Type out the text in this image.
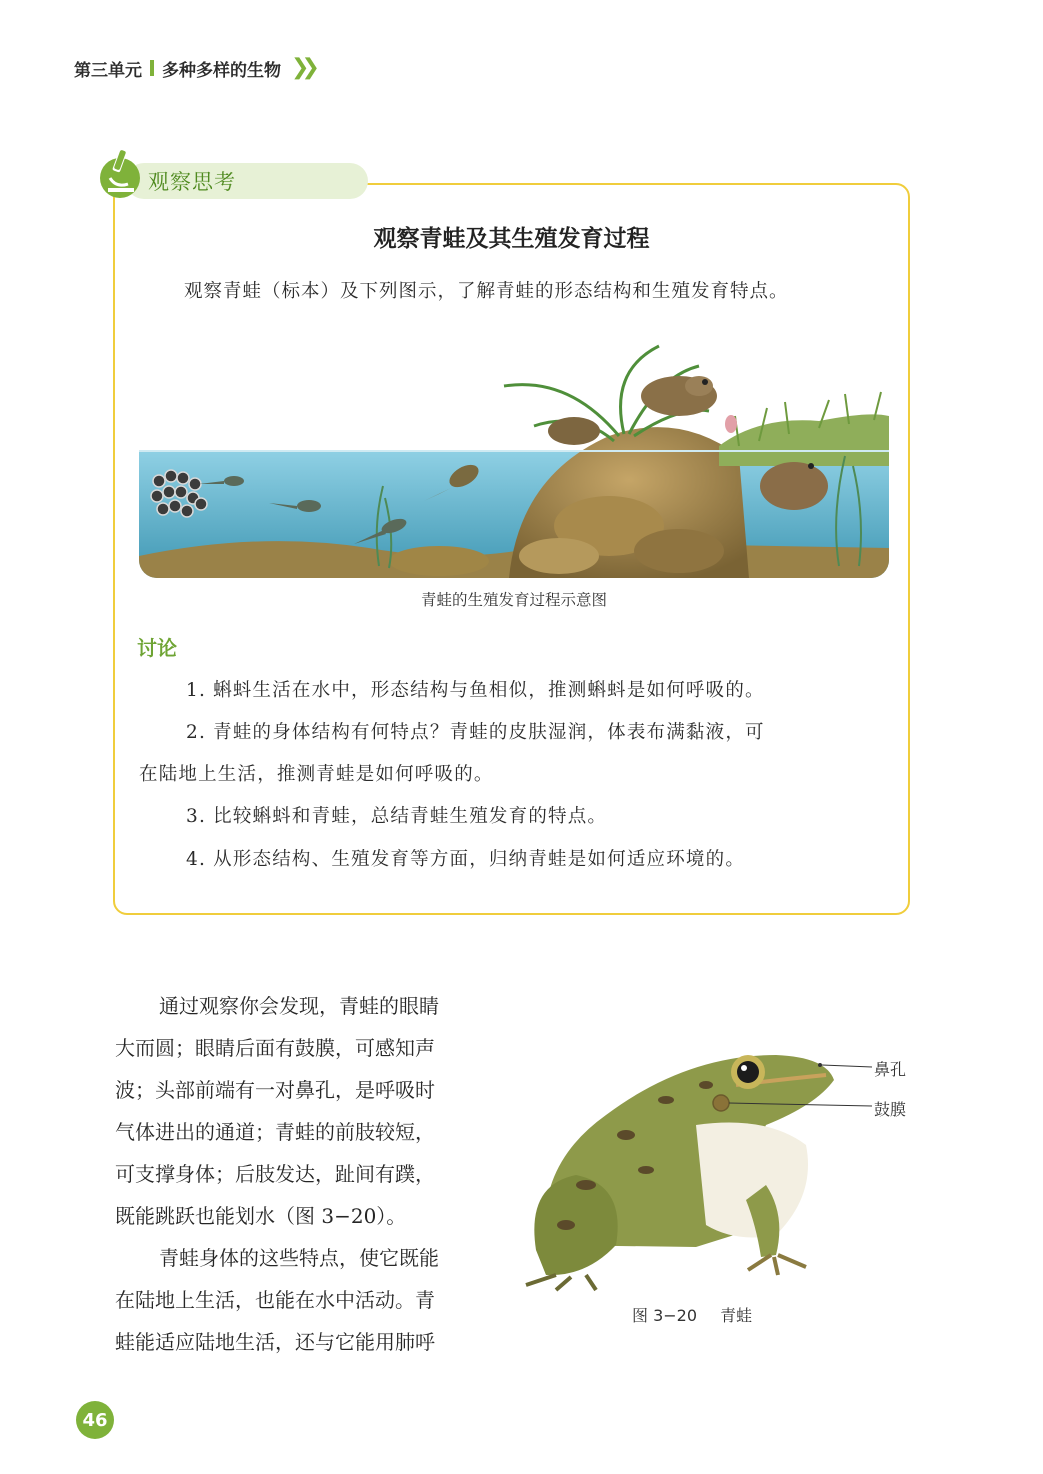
第三单元 多种多样的生物 ❯ ❯
观察思考
观察青蛙及其生殖发育过程
观察青蛙（标本）及下列图示，了解青蛙的形态结构和生殖发育特点。
青蛙的生殖发育过程示意图
讨论
1. 蝌蚪生活在水中，形态结构与鱼相似，推测蝌蚪是如何呼吸的。
2. 青蛙的身体结构有何特点？青蛙的皮肤湿润，体表布满黏液，可
在陆地上生活，推测青蛙是如何呼吸的。
3. 比较蝌蚪和青蛙，总结青蛙生殖发育的特点。
4. 从形态结构、生殖发育等方面，归纳青蛙是如何适应环境的。

通过观察你会发现，青蛙的眼睛

大而圆；眼睛后面有鼓膜，可感知声

波；头部前端有一对鼻孔，是呼吸时

气体进出的通道；青蛙的前肢较短，

可支撑身体；后肢发达，趾间有蹼，

既能跳跃也能划水（图 3−20）。

青蛙身体的这些特点，使它既能

在陆地上生活，也能在水中活动。青

蛙能适应陆地生活，还与它能用肺呼

鼻孔
鼓膜
图 3−20 青蛙
46
